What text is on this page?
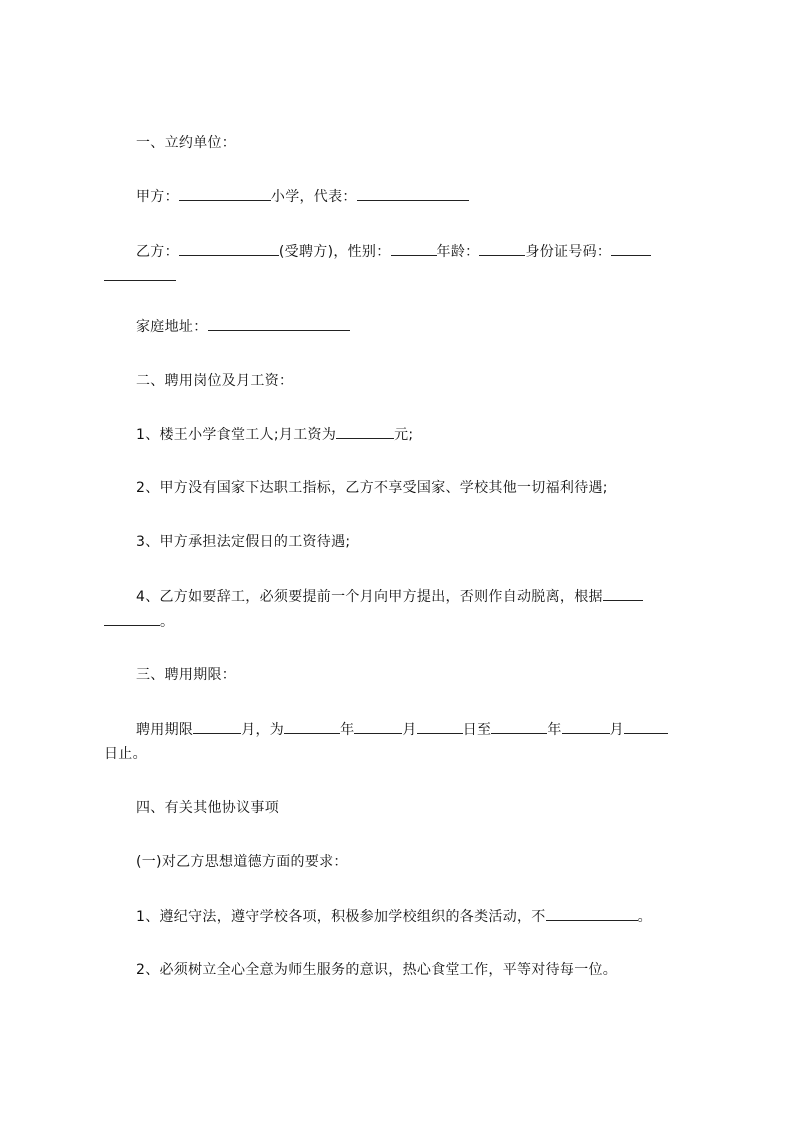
一、立约单位：
甲方：	小学，代表：
乙方：	(受聘方)，性别：	年龄：	身份证号码：
家庭地址：
二、聘用岗位及月工资：
1、楼王小学食堂工人;月工资为	元;
2、甲方没有国家下达职工指标，乙方不享受国家、学校其他一切福利待遇;
3、甲方承担法定假日的工资待遇;
4、乙方如要辞工，必须要提前一个月向甲方提出，否则作自动脱离，根据
。
三、聘用期限：
聘用期限	月，为	年	月	日至	年	月
日止。
四、有关其他协议事项
(一)对乙方思想道德方面的要求：
1、遵纪守法，遵守学校各项，积极参加学校组织的各类活动，不	。
2、必须树立全心全意为师生服务的意识，热心食堂工作，平等对待每一位。
